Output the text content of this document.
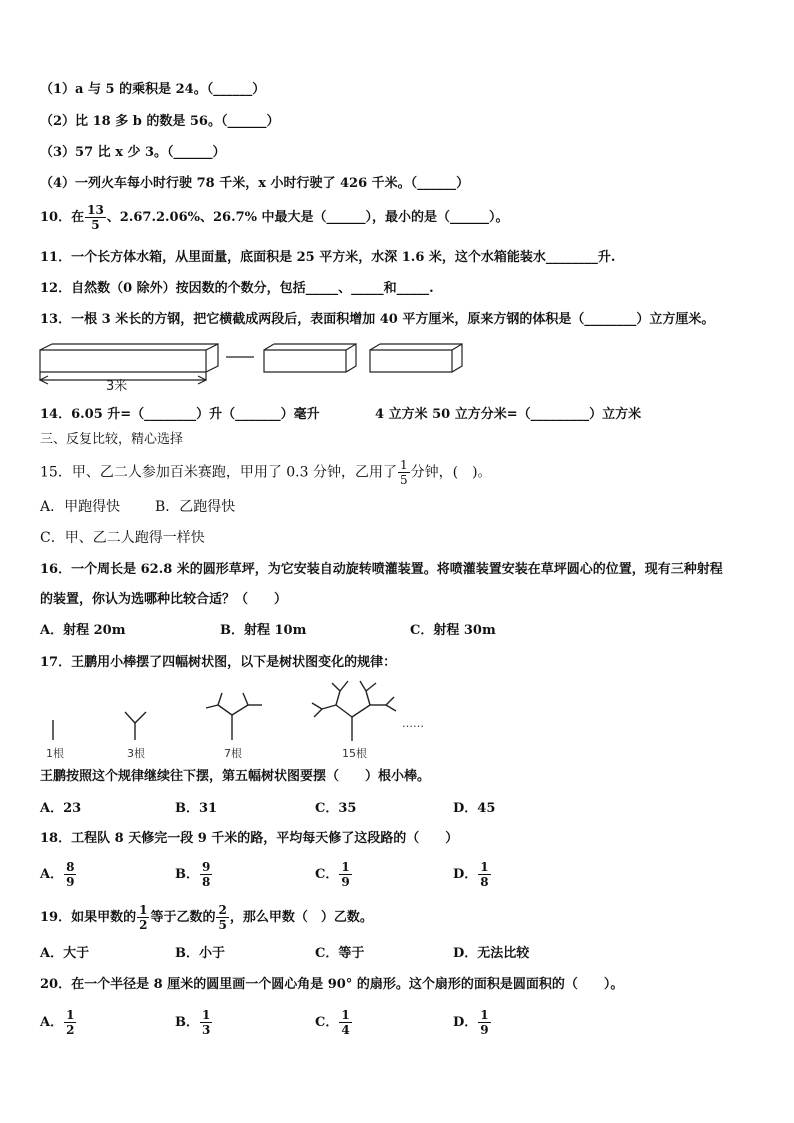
（1）a 与 5 的乘积是 24。（______）
（2）比 18 多 b 的数是 56。（______）
（3）57 比 x 少 3。（______）
（4）一列火车每小时行驶 78 千米，x 小时行驶了 426 千米。（______）
10．在 $\frac{13}{5}$ 、2.67.2.06%、26.7% 中最大是（______），最小的是（______）。
11．一个长方体水箱，从里面量，底面积是 25 平方米，水深 1.6 米，这个水箱能装水________升.
12．自然数（0 除外）按因数的个数分，包括_____、_____和_____.
13．一根 3 米长的方钢，把它横截成两段后，表面积增加 40 平方厘米，原来方钢的体积是（________）立方厘米。
3米
14．6.05 升=（________）升（_______）毫升	4 立方米 50 立方分米=（_________）立方米
三、反复比较，精心选择
15．甲、乙二人参加百米赛跑，甲用了 0.3 分钟，乙用了 $\frac{1}{5}$ 分钟，(　)。
A．甲跑得快 B．乙跑得快
C．甲、乙二人跑得一样快
16．一个周长是 62.8 米的圆形草坪，为它安装自动旋转喷灌装置。将喷灌装置安装在草坪圆心的位置，现有三种射程
的装置，你认为选哪种比较合适？（　　）
A．射程 20m	B．射程 10m	C．射程 30m
17．王鹏用小棒摆了四幅树状图，以下是树状图变化的规律：
1根	3根	7根	15根
……
王鹏按照这个规律继续往下摆，第五幅树状图要摆（　　）根小棒。
A．23	B．31	C．35	D．45
18．工程队 8 天修完一段 9 千米的路，平均每天修了这段路的（　　）
A． $\frac{8}{9}$	B． $\frac{9}{8}$	C． $\frac{1}{9}$	D． $\frac{1}{8}$
19．如果甲数的 $\frac{1}{2}$ 等于乙数的 $\frac{2}{5}$ ，那么甲数（　）乙数。
A．大于	B．小于	C．等于	D．无法比较
20．在一个半径是 8 厘米的圆里画一个圆心角是 90° 的扇形。这个扇形的面积是圆面积的（　　）。
A． $\frac{1}{2}$	B． $\frac{1}{3}$	C． $\frac{1}{4}$	D． $\frac{1}{9}$
